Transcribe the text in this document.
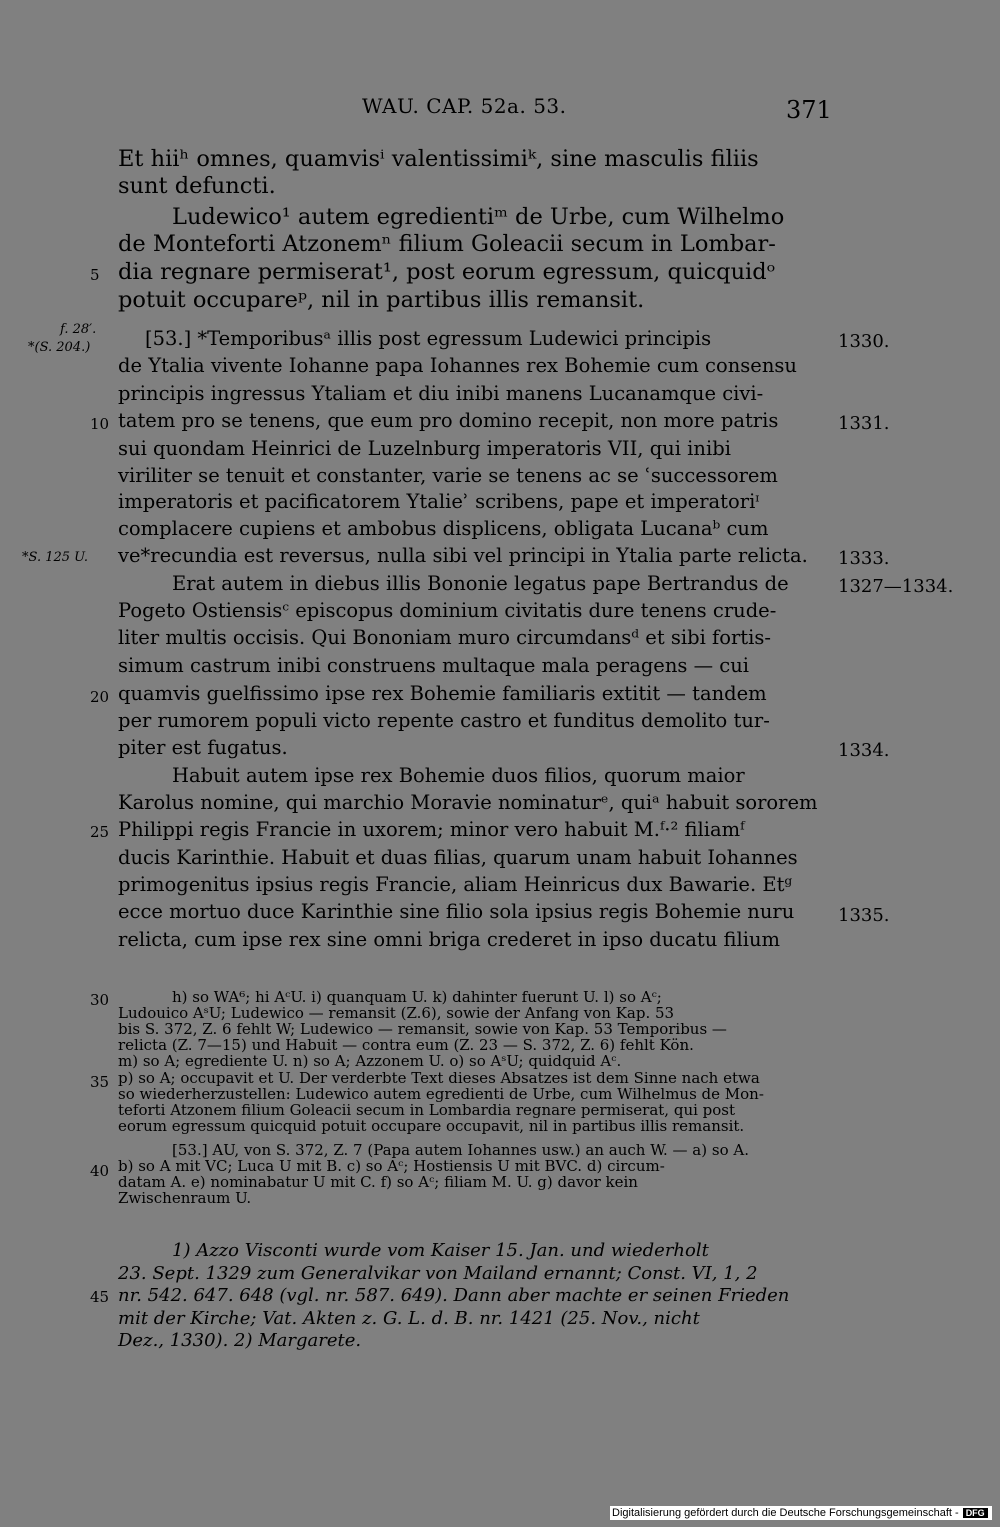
WAU. CAP. 52a. 53.	371
f. 28′.
*(S. 204.)
*S. 125 U.
5
10
20
25
30
35
40
45
1330.
1331.
1333.
1327—1334.
1334.
1335.
Et hiiʰ omnes, quamvisⁱ valentissimiᵏ, sine masculis filiis
sunt defuncti.
Ludewico¹ autem egredientiᵐ de Urbe, cum Wilhelmo
de Monteforti Atzonemⁿ filium Goleacii secum in Lombar-
dia regnare permiserat¹, post eorum egressum, quicquidᵒ
potuit occupareᵖ, nil in partibus illis remansit.
[53.] *Temporibusᵃ illis post egressum Ludewici principis
de Ytalia vivente Iohanne papa Iohannes rex Bohemie cum consensu
principis ingressus Ytaliam et diu inibi manens Lucanamque civi-
tatem pro se tenens, que eum pro domino recepit, non more patris
sui quondam Heinrici de Luzelnburg imperatoris VII, qui inibi
viriliter se tenuit et constanter, varie se tenens ac se ʿsuccessorem
imperatoris et pacificatorem Ytalieʾ scribens, pape et imperatoriᶦ
complacere cupiens et ambobus displicens, obligata Lucanaᵇ cum
ve*recundia est reversus, nulla sibi vel principi in Ytalia parte relicta.
Erat autem in diebus illis Bononie legatus pape Bertrandus de
Pogeto Ostiensisᶜ episcopus dominium civitatis dure tenens crude-
liter multis occisis. Qui Bononiam muro circumdansᵈ et sibi fortis-
simum castrum inibi construens multaque mala peragens — cui
quamvis guelfissimo ipse rex Bohemie familiaris extitit — tandem
per rumorem populi victo repente castro et funditus demolito tur-
piter est fugatus.
Habuit autem ipse rex Bohemie duos filios, quorum maior
Karolus nomine, qui marchio Moravie nominaturᵉ, quiᵃ habuit sororem
Philippi regis Francie in uxorem; minor vero habuit M.ᶠ·² filiamᶠ
ducis Karinthie. Habuit et duas filias, quarum unam habuit Iohannes
primogenitus ipsius regis Francie, aliam Heinricus dux Bawarie. Etᵍ
ecce mortuo duce Karinthie sine filio sola ipsius regis Bohemie nuru
relicta, cum ipse rex sine omni briga crederet in ipso ducatu filium
h) so WA⁶; hi AᶜU. i) quanquam U. k) dahinter fuerunt U. l) so Aᶜ;
Ludouico AˢU; Ludewico — remansit (Z.6), sowie der Anfang von Kap. 53
bis S. 372, Z. 6 fehlt W; Ludewico — remansit, sowie von Kap. 53 Temporibus —
relicta (Z. 7—15) und Habuit — contra eum (Z. 23 — S. 372, Z. 6) fehlt Kön.
m) so A; egrediente U. n) so A; Azzonem U. o) so AˢU; quidquid Aᶜ.
p) so A; occupavit et U. Der verderbte Text dieses Absatzes ist dem Sinne nach etwa
so wiederherzustellen: Ludewico autem egredienti de Urbe, cum Wilhelmus de Mon-
teforti Atzonem filium Goleacii secum in Lombardia regnare permiserat, qui post
eorum egressum quicquid potuit occupare occupavit, nil in partibus illis remansit.
[53.] AU, von S. 372, Z. 7 (Papa autem Iohannes usw.) an auch W. — a) so A.
b) so A mit VC; Luca U mit B. c) so Aᶜ; Hostiensis U mit BVC. d) circum-
datam A. e) nominabatur U mit C. f) so Aᶜ; filiam M. U. g) davor kein
Zwischenraum U.
1) Azzo Visconti wurde vom Kaiser 15. Jan. und wiederholt
23. Sept. 1329 zum Generalvikar von Mailand ernannt; Const. VI, 1, 2
nr. 542. 647. 648 (vgl. nr. 587. 649). Dann aber machte er seinen Frieden
mit der Kirche; Vat. Akten z. G. L. d. B. nr. 1421 (25. Nov., nicht
Dez., 1330). 2) Margarete.
Digitalisierung gefördert durch die Deutsche Forschungsgemeinschaft - DFG
